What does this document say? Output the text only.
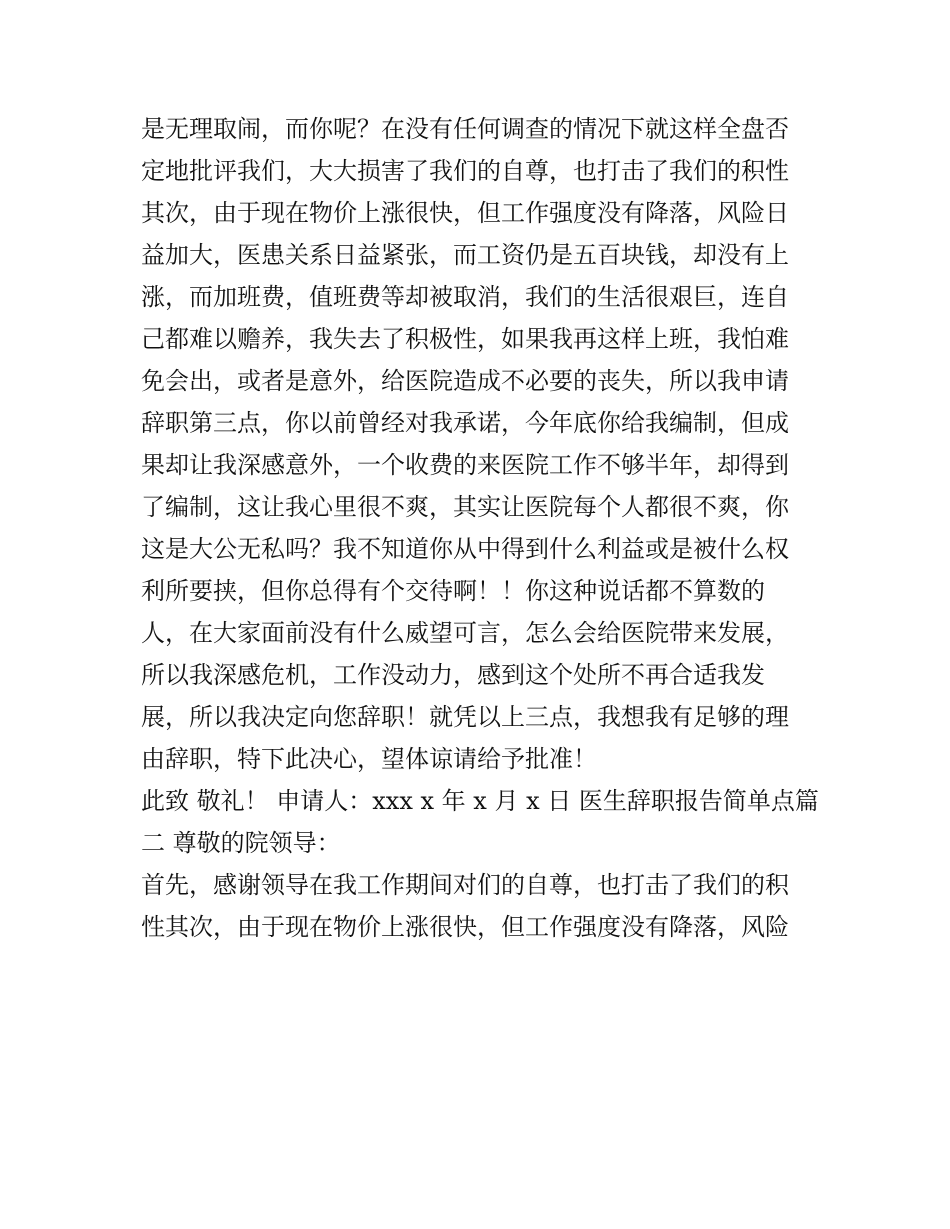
是无理取闹，而你呢？在没有任何调查的情况下就这样全盘否
定地批评我们，大大损害了我们的自尊，也打击了我们的积性
其次，由于现在物价上涨很快，但工作强度没有降落，风险日
益加大，医患关系日益紧张，而工资仍是五百块钱，却没有上
涨，而加班费，值班费等却被取消，我们的生活很艰巨，连自
己都难以赡养，我失去了积极性，如果我再这样上班，我怕难
免会出，或者是意外，给医院造成不必要的丧失，所以我申请
辞职第三点，你以前曾经对我承诺，今年底你给我编制，但成
果却让我深感意外，一个收费的来医院工作不够半年，却得到
了编制，这让我心里很不爽，其实让医院每个人都很不爽，你
这是大公无私吗？我不知道你从中得到什么利益或是被什么权
利所要挟，但你总得有个交待啊！！你这种说话都不算数的
人，在大家面前没有什么威望可言，怎么会给医院带来发展，
所以我深感危机，工作没动力，感到这个处所不再合适我发
展，所以我决定向您辞职！就凭以上三点，我想我有足够的理
由辞职，特下此决心，望体谅请给予批准！
此致 敬礼！ 申请人：xxx x 年 x 月 x 日 医生辞职报告简单点篇
二 尊敬的院领导：
首先，感谢领导在我工作期间对们的自尊，也打击了我们的积
性其次，由于现在物价上涨很快，但工作强度没有降落，风险
